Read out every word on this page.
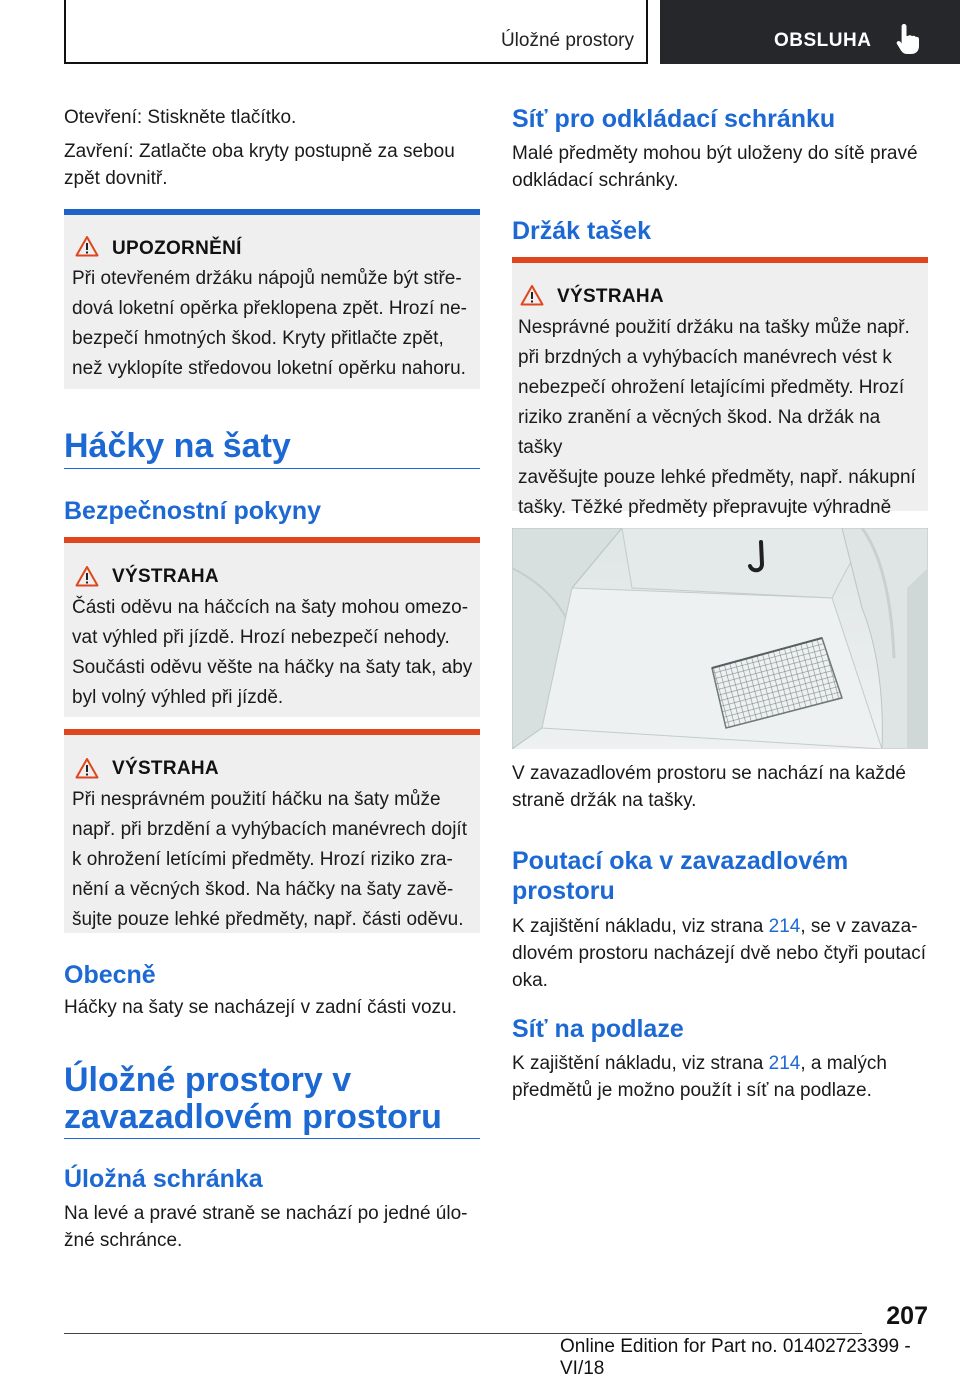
Úložné prostory	OBSLUHA
Otevření: Stiskněte tlačítko.
Zavření: Zatlačte oba kryty postupně za sebou
zpět dovnitř.
UPOZORNĚNÍ
Při otevřeném držáku nápojů nemůže být stře‐
dová loketní opěrka překlopena zpět. Hrozí ne‐
bezpečí hmotných škod. Kryty přitlačte zpět,
než vyklopíte středovou loketní opěrku nahoru.
Háčky na šaty
Bezpečnostní pokyny
VÝSTRAHA
Části oděvu na háčcích na šaty mohou omezo‐
vat výhled při jízdě. Hrozí nebezpečí nehody.
Součásti oděvu věšte na háčky na šaty tak, aby
byl volný výhled při jízdě.
VÝSTRAHA
Při nesprávném použití háčku na šaty může
např. při brzdění a vyhýbacích manévrech dojít
k ohrožení letícími předměty. Hrozí riziko zra‐
nění a věcných škod. Na háčky na šaty zavě‐
šujte pouze lehké předměty, např. části oděvu.
Obecně
Háčky na šaty se nacházejí v zadní části vozu.
Úložné prostory v
zavazadlovém prostoru
Úložná schránka
Na levé a pravé straně se nachází po jedné úlo‐
žné schránce.
Síť pro odkládací schránku
Malé předměty mohou být uloženy do sítě pravé
odkládací schránky.
Držák tašek
VÝSTRAHA
Nesprávné použití držáku na tašky může např.
při brzdných a vyhýbacích manévrech vést k
nebezpečí ohrožení letajícími předměty. Hrozí
riziko zranění a věcných škod. Na držák na tašky
zavěšujte pouze lehké předměty, např. nákupní
tašky. Těžké předměty přepravujte výhradně
V zavazadlovém prostoru se nachází na každé
straně držák na tašky.
Poutací oka v zavazadlovém
prostoru
K zajištění nákladu, viz strana 214, se v zavaza‐
dlovém prostoru nacházejí dvě nebo čtyři poutací
oka.
Síť na podlaze
K zajištění nákladu, viz strana 214, a malých
předmětů je možno použít i síť na podlaze.
207
Online Edition for Part no. 01402723399 - VI/18
